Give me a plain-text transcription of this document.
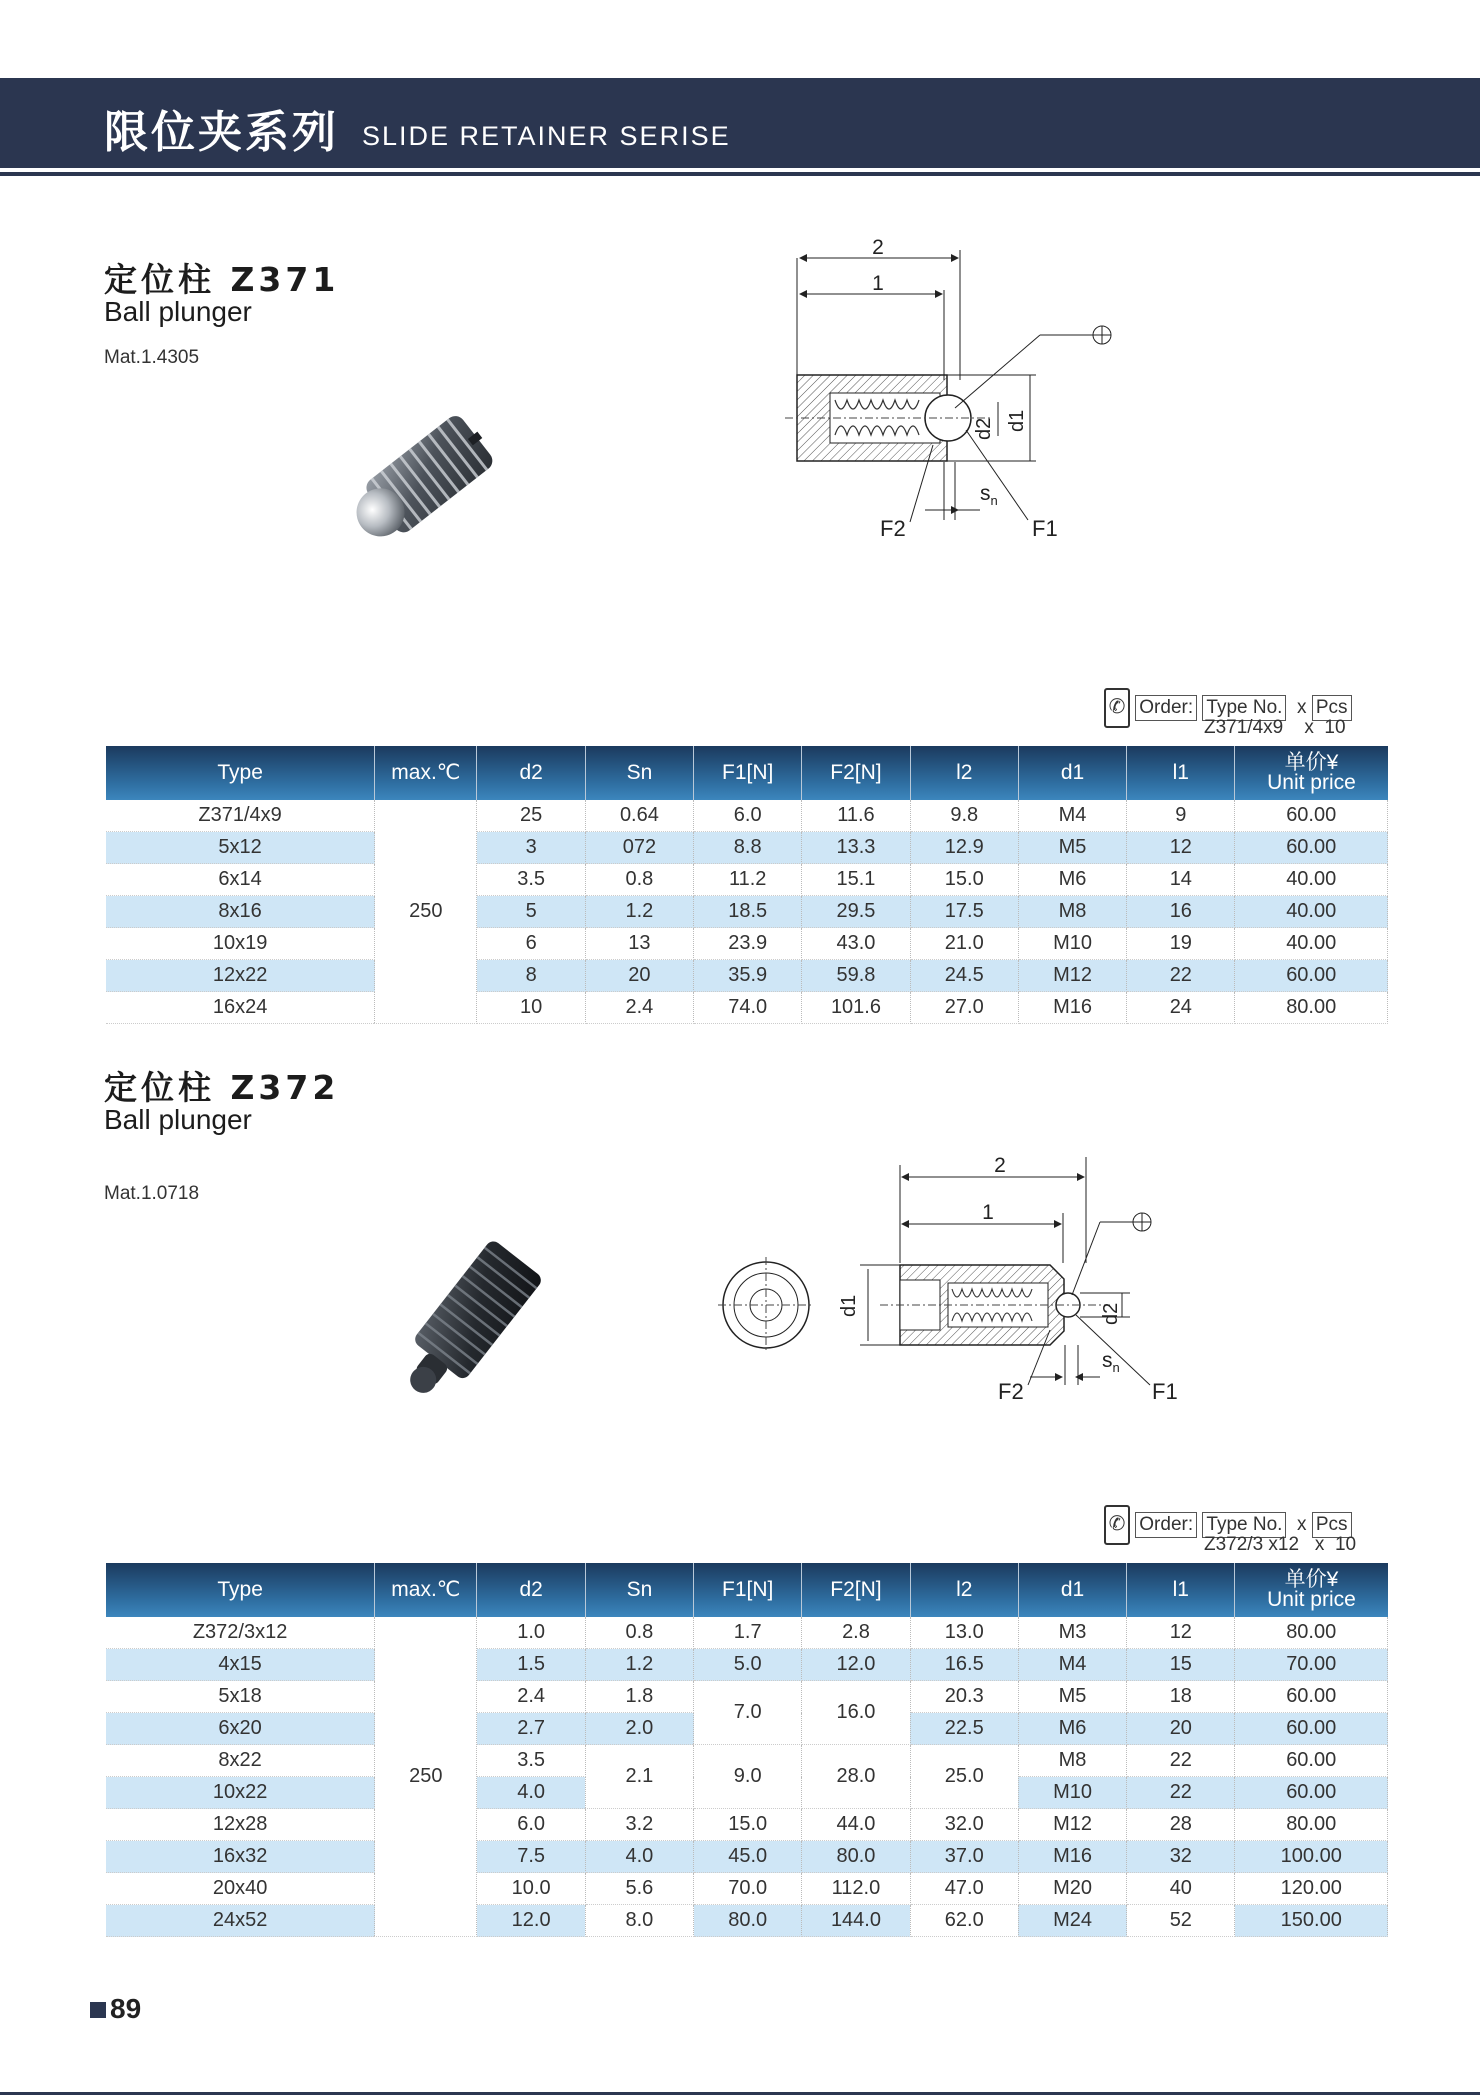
限位夹系列 SLIDE RETAINER SERISE
定位柱 Z371
Ball plunger
Mat.1.4305
2
1
d2 d1
F2	F1
$s_n$
✆ Order: Type No. x Pcs
Z371/4x9 x 10
Type	max.℃	d2	Sn	F1[N]	F2[N]	l2	d1	l1	单价¥
Unit price
Z371/4x9	250	25	0.64	6.0	11.6	9.8	M4	9	60.00
5x12		3	072	8.8	13.3	12.9	M5	12	60.00
6x14		3.5	0.8	11.2	15.1	15.0	M6	14	40.00
8x16		5	1.2	18.5	29.5	17.5	M8	16	40.00
10x19		6	13	23.9	43.0	21.0	M10	19	40.00
12x22		8	20	35.9	59.8	24.5	M12	22	60.00
16x24		10	2.4	74.0	101.6	27.0	M16	24	80.00
定位柱 Z372
Ball plunger
Mat.1.0718
2
1
d1	d2
F2	F1
$s_n$
✆ Order: Type No. x Pcs
Z372/3 x12 x 10
Type	max.℃	d2	Sn	F1[N]	F2[N]	l2	d1	l1	单价¥
Unit price
Z372/3x12	250	1.0	0.8	1.7	2.8	13.0	M3	12	80.00
4x15		1.5	1.2	5.0	12.0	16.5	M4	15	70.00
5x18		2.4	1.8	7.0	16.0	20.3	M5	18	60.00
6x20		2.7	2.0			22.5	M6	20	60.00
8x22		3.5	2.1	9.0	28.0	25.0	M8	22	60.00
10x22		4.0					M10	22	60.00
12x28		6.0	3.2	15.0	44.0	32.0	M12	28	80.00
16x32		7.5	4.0	45.0	80.0	37.0	M16	32	100.00
20x40		10.0	5.6	70.0	112.0	47.0	M20	40	120.00
24x52		12.0	8.0	80.0	144.0	62.0	M24	52	150.00
89
